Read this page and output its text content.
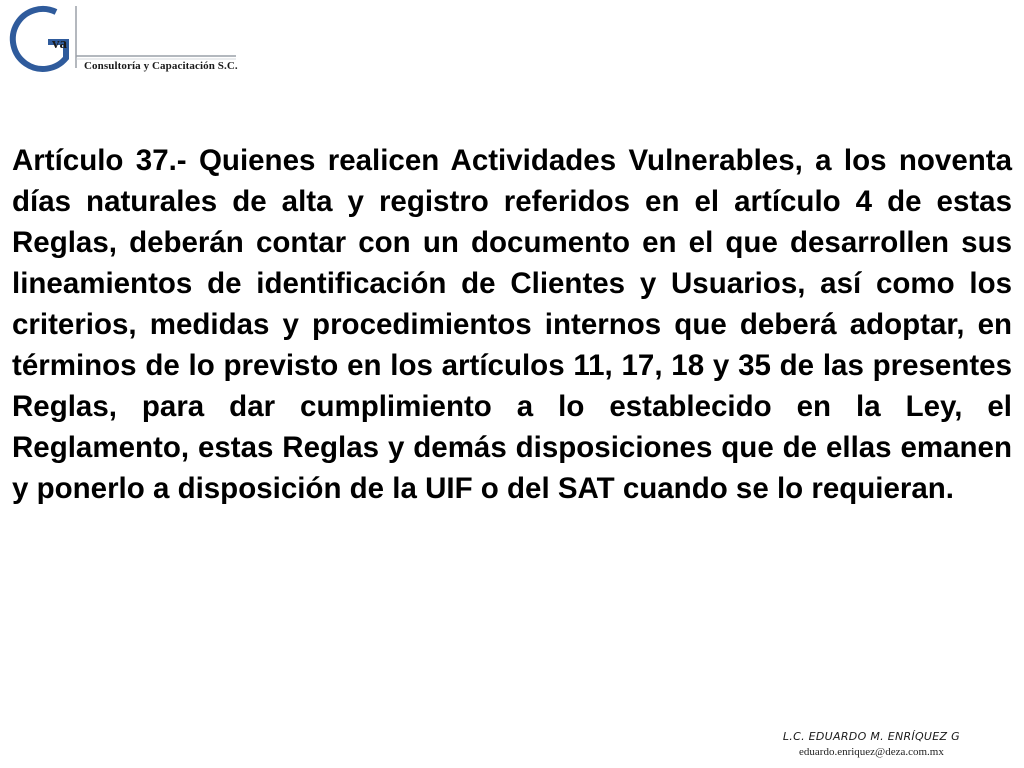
va
Consultoría y Capacitación S.C.

Artículo 37.- Quienes realicen Actividades Vulnerables, a los noventa días naturales de alta y registro referidos en el artículo 4 de estas Reglas, deberán contar con un documento en el que desarrollen sus lineamientos de identificación de Clientes y Usuarios, así como los criterios, medidas y procedimientos internos que deberá adoptar, en términos de lo previsto en los artículos 11, 17, 18 y 35 de las presentes Reglas, para dar cumplimiento a lo establecido en la Ley, el Reglamento, estas Reglas y demás disposiciones que de ellas emanen y ponerlo a disposición de la UIF o del SAT cuando se lo requieran.

L.C. EDUARDO M. ENRÍQUEZ G
eduardo.enriquez@deza.com.mx
